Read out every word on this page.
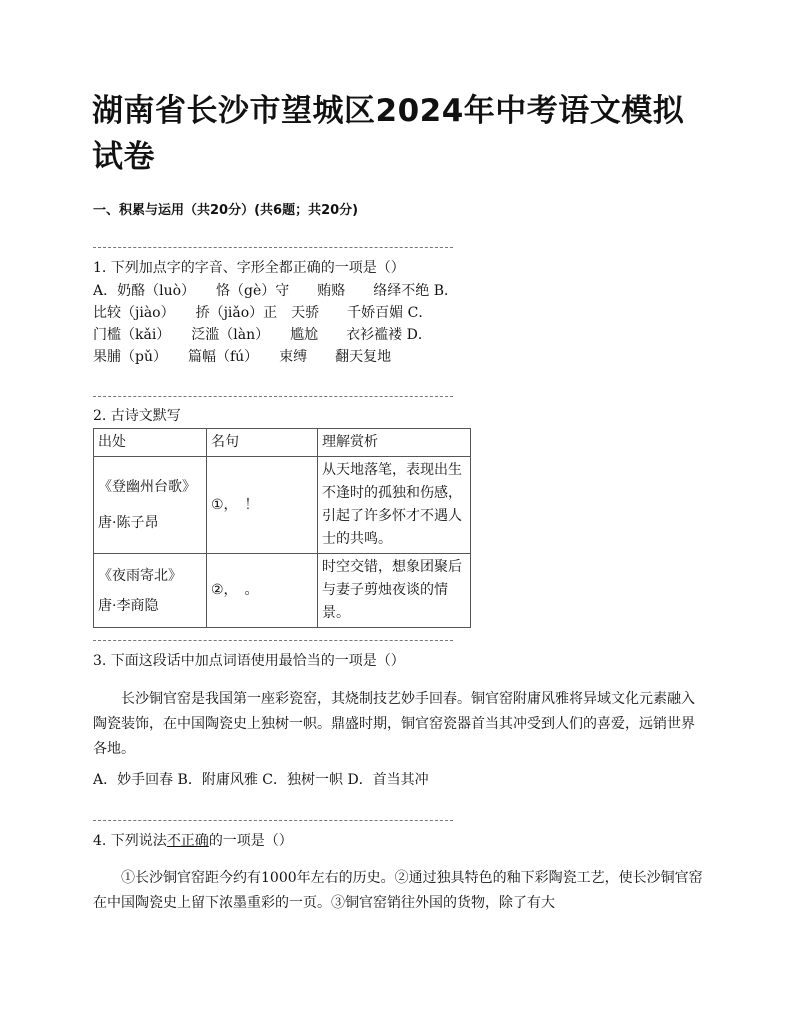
湖南省长沙市望城区2024年中考语文模拟试卷
一、积累与运用（共20分）(共6题；共20分)
1. 下列加点字的字音、字形全都正确的一项是（）
A．奶酪（luò）　　恪（gè）守　　贿赂　　络绎不绝 B．
比较（jiào）　　挢（jiǎo）正　天骄　　千娇百媚 C．
门槛（kǎi）　　泛滥（làn）　　尴尬　　衣衫褴褛 D．
果脯（pǔ）　　篇幅（fú）　　束缚　　翻天复地
2. 古诗文默写
出处	名句	理解赏析

《登幽州台歌》
唐·陈子昂	①，　！	从天地落笔，表现出生不逢时的孤独和伤感，引起了许多怀才不遇人士的共鸣。

《夜雨寄北》
唐·李商隐	②，　。	时空交错，想象团聚后与妻子剪烛夜谈的情景。
3. 下面这段话中加点词语使用最恰当的一项是（）
长沙铜官窑是我国第一座彩瓷窑，其烧制技艺妙手回春。铜官窑附庸风雅将异域文化元素融入陶瓷装饰，在中国陶瓷史上独树一帜。鼎盛时期，铜官窑瓷器首当其冲受到人们的喜爱，远销世界各地。
A．妙手回春 B．附庸风雅 C．独树一帜 D．首当其冲
4. 下列说法不正确的一项是（）
①长沙铜官窑距今约有1000年左右的历史。②通过独具特色的釉下彩陶瓷工艺，使长沙铜官窑在中国陶瓷史上留下浓墨重彩的一页。③铜官窑销往外国的货物，除了有大
